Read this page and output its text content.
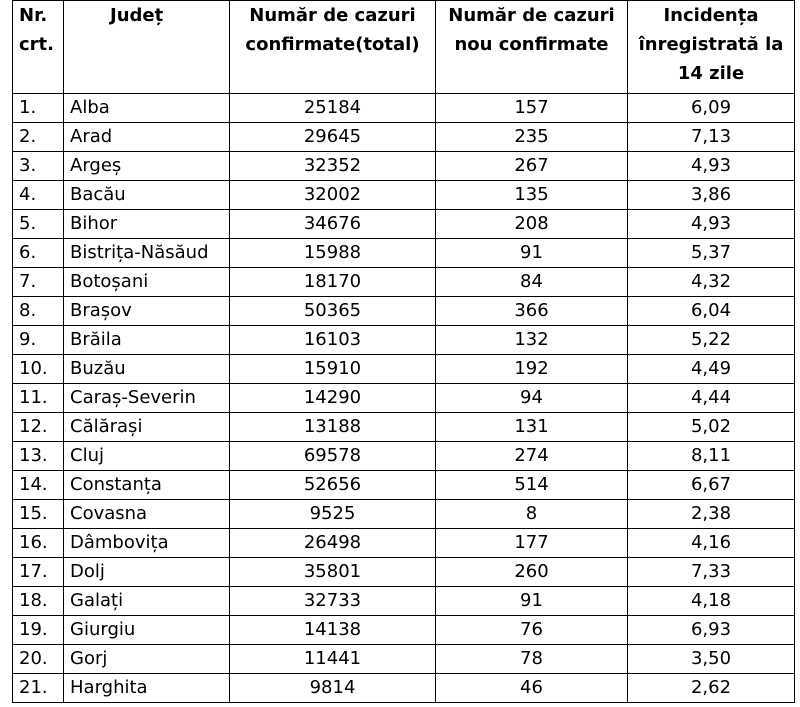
Nr. crt.	Județ	Număr de cazuri confirmate(total)	Număr de cazuri nou confirmate	Incidența înregistrată la 14 zile
1.	Alba	25184	157	6,09
2.	Arad	29645	235	7,13
3.	Argeș	32352	267	4,93
4.	Bacău	32002	135	3,86
5.	Bihor	34676	208	4,93
6.	Bistrița-Năsăud	15988	91	5,37
7.	Botoșani	18170	84	4,32
8.	Brașov	50365	366	6,04
9.	Brăila	16103	132	5,22
10.	Buzău	15910	192	4,49
11.	Caraș-Severin	14290	94	4,44
12.	Călărași	13188	131	5,02
13.	Cluj	69578	274	8,11
14.	Constanța	52656	514	6,67
15.	Covasna	9525	8	2,38
16.	Dâmbovița	26498	177	4,16
17.	Dolj	35801	260	7,33
18.	Galați	32733	91	4,18
19.	Giurgiu	14138	76	6,93
20.	Gorj	11441	78	3,50
21.	Harghita	9814	46	2,62
